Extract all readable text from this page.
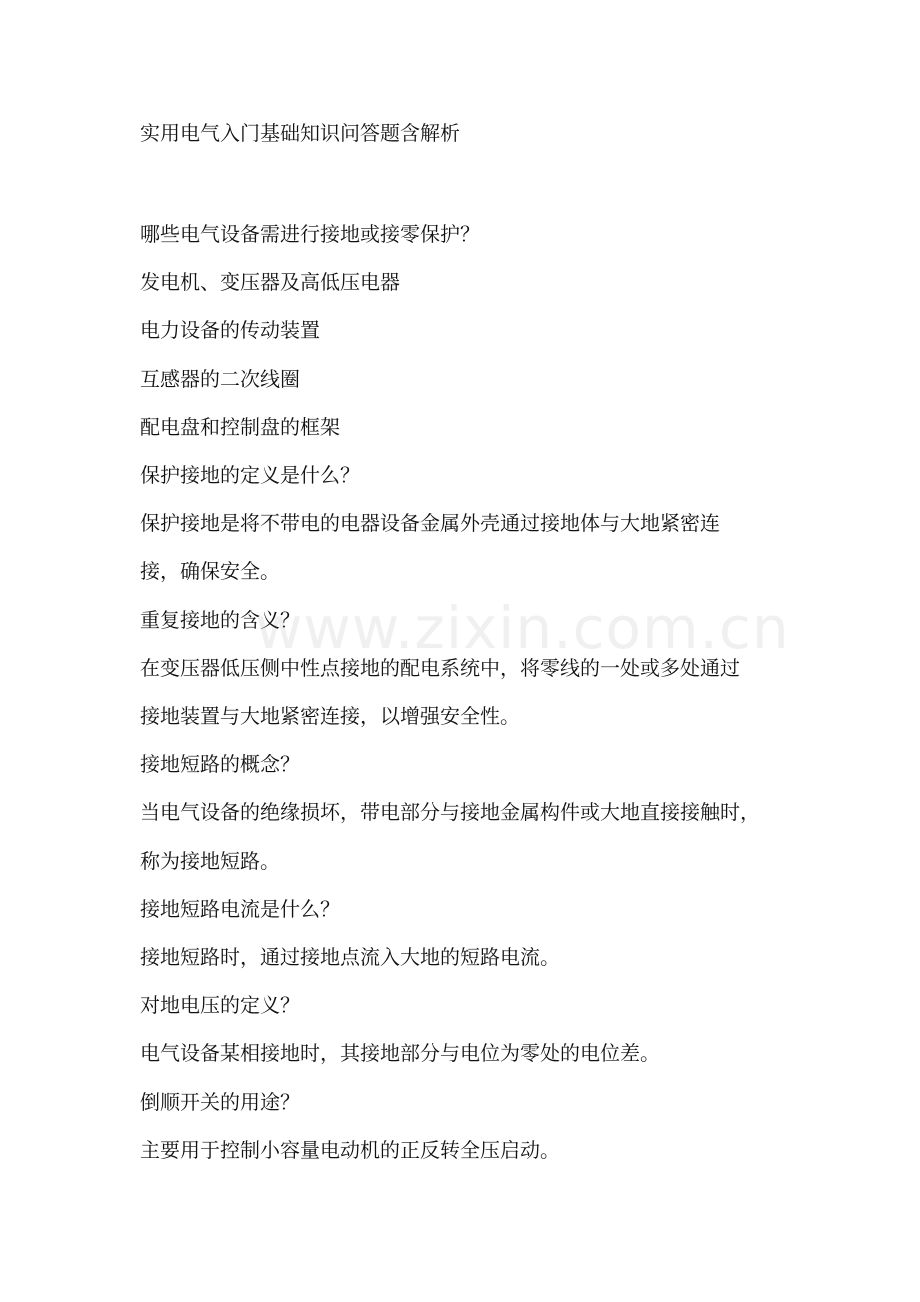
实用电气入门基础知识问答题含解析

哪些电气设备需进行接地或接零保护？

发电机、变压器及高低压电器

电力设备的传动装置

互感器的二次线圈

配电盘和控制盘的框架

保护接地的定义是什么？

保护接地是将不带电的电器设备金属外壳通过接地体与大地紧密连

接，确保安全。

重复接地的含义？

在变压器低压侧中性点接地的配电系统中，将零线的一处或多处通过

接地装置与大地紧密连接，以增强安全性。

接地短路的概念？

当电气设备的绝缘损坏，带电部分与接地金属构件或大地直接接触时，

称为接地短路。

接地短路电流是什么？

接地短路时，通过接地点流入大地的短路电流。

对地电压的定义？

电气设备某相接地时，其接地部分与电位为零处的电位差。

倒顺开关的用途？

主要用于控制小容量电动机的正反转全压启动。

www.zixin.com.cn
